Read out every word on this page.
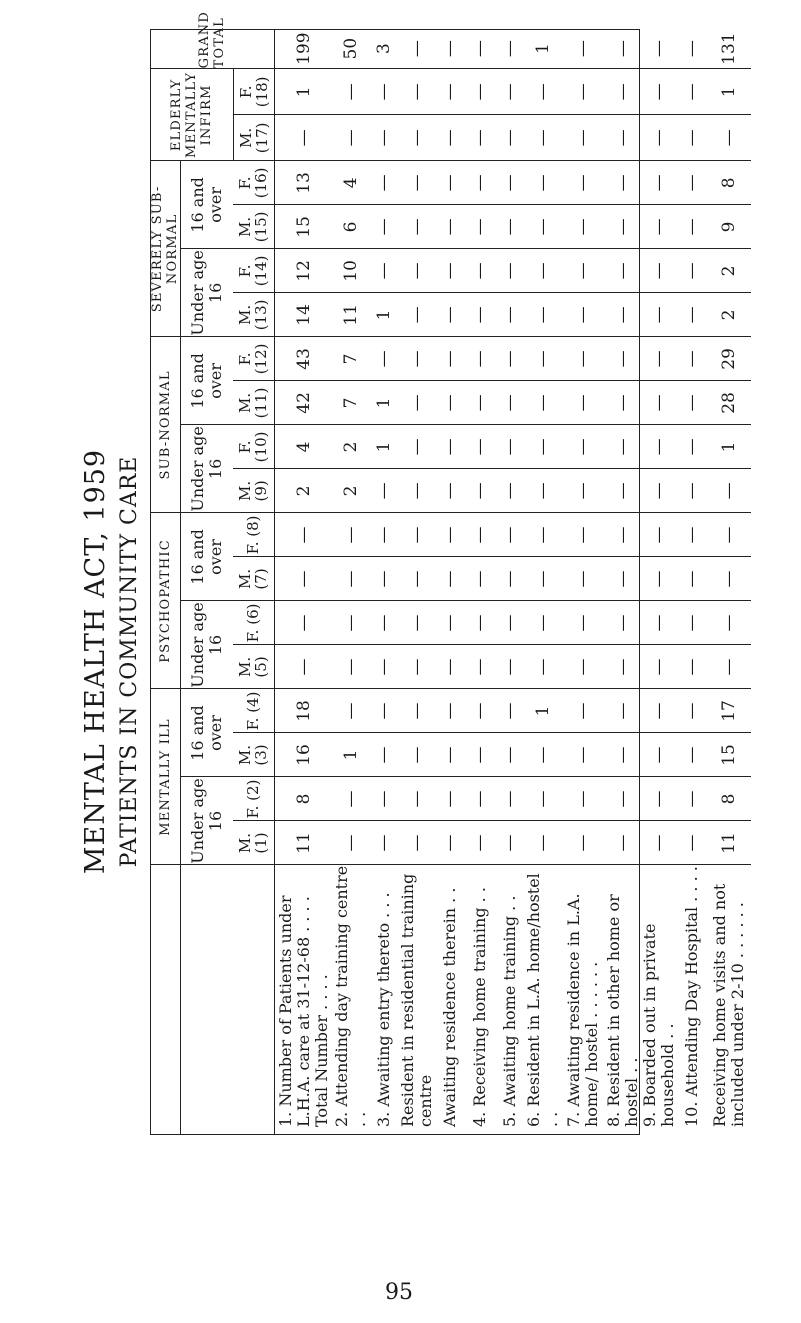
MENTAL HEALTH ACT, 1959 PATIENTS IN COMMUNITY CARE
	MENTALLY ILL				PSYCHOPATHIC				SUB-NORMAL				SEVERELY SUB-NORMAL				ELDERLY MENTALLY INFIRM		GRAND TOTAL
	Under age 16		16 and over		Under age 16		16 and over		Under age 16		16 and over		Under age 16		16 and over				
	M. (1)	F. (2)	M. (3)	F. (4)	M. (5)	F. (6)	M. (7)	F. (8)	M. (9)	F. (10)	M. (11)	F. (12)	M. (13)	F. (14)	M. (15)	F. (16)	M. (17)	F. (18)	
1. Number of Patients under L.H.A. care at 31-12-68 . . . . Total Number . . . .	11	8	16	18	—	—	—	—	2	4	42	43	14	12	15	13	—	1	199
2. Attending day training centre . .	—	—	1	—	—	—	—	—	2	2	7	7	11	10	6	4	—	—	50
3. Awaiting entry thereto . . .	—	—	—	—	—	—	—	—	—	1	1	—	1	—	—	—	—	—	3
Resident in residential training centre	—	—	—	—	—	—	—	—	—	—	—	—	—	—	—	—	—	—	—
Awaiting residence therein . .	—	—	—	—	—	—	—	—	—	—	—	—	—	—	—	—	—	—	—
4. Receiving home training . .	—	—	—	—	—	—	—	—	—	—	—	—	—	—	—	—	—	—	—
5. Awaiting home training . .	—	—	—	—	—	—	—	—	—	—	—	—	—	—	—	—	—	—	—
6. Resident in L.A. home/hostel . .	—	—	—	1	—	—	—	—	—	—	—	—	—	—	—	—	—	—	1
7. Awaiting residence in L.A. home/ hostel . . . . . .	—	—	—	—	—	—	—	—	—	—	—	—	—	—	—	—	—	—	—
8. Resident in other home or hostel . .	—	—	—	—	—	—	—	—	—	—	—	—	—	—	—	—	—	—	—
9. Boarded out in private household . .	—	—	—	—	—	—	—	—	—	—	—	—	—	—	—	—	—	—	—
10. Attending Day Hospital . . . .	—	—	—	—	—	—	—	—	—	—	—	—	—	—	—	—	—	—	—
Receiving home visits and not included under 2-10 . . . . . .	11	8	15	17	—	—	—	—	—	1	28	29	2	2	9	8	—	1	131
95
